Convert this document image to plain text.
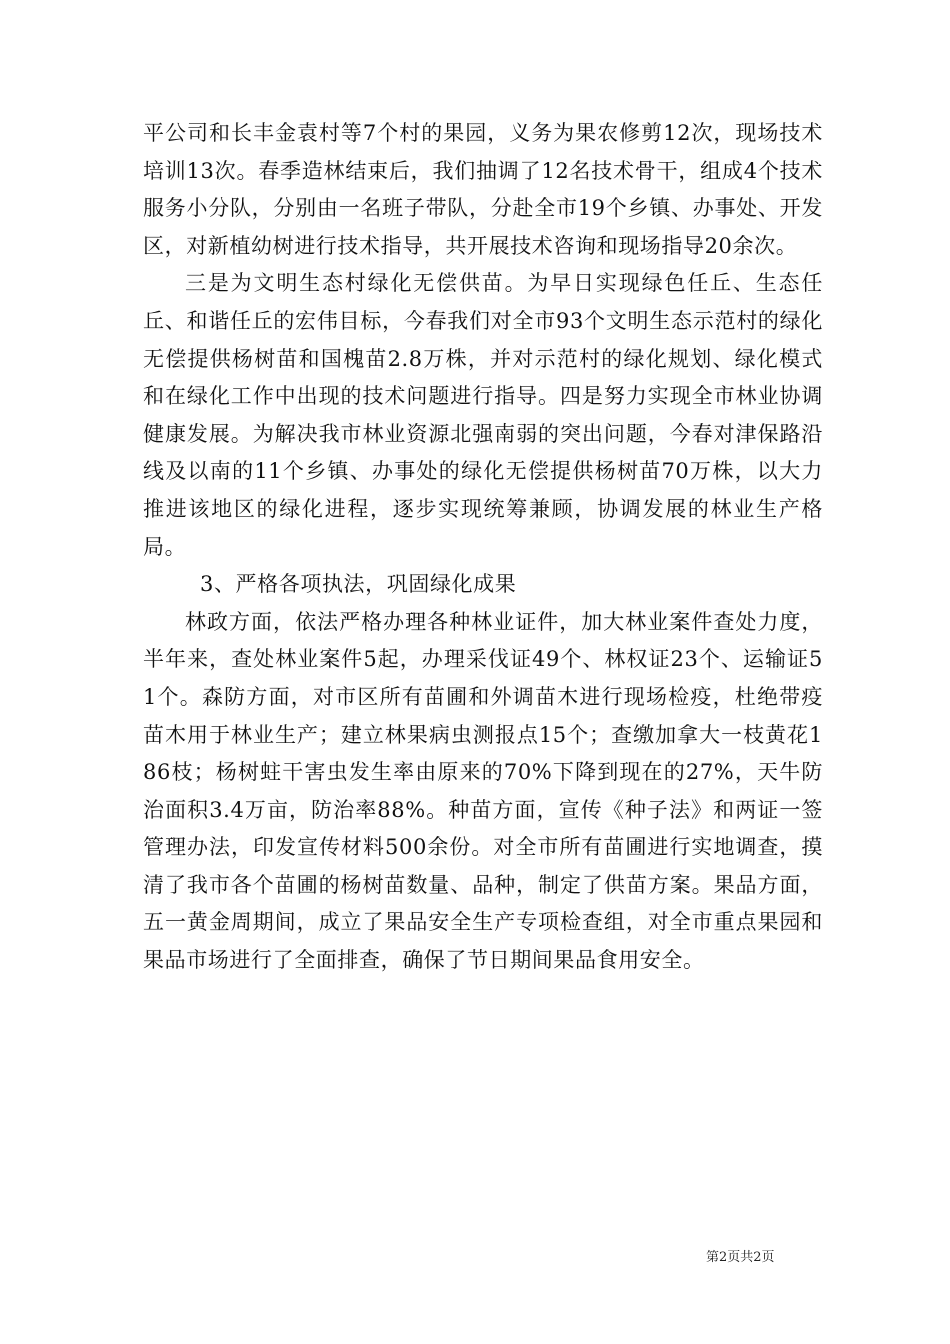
平公司和长丰金袁村等7个村的果园，义务为果农修剪12次，现场技术培训13次。春季造林结束后，我们抽调了12名技术骨干，组成4个技术服务小分队，分别由一名班子带队，分赴全市19个乡镇、办事处、开发区，对新植幼树进行技术指导，共开展技术咨询和现场指导20余次。

三是为文明生态村绿化无偿供苗。为早日实现绿色任丘、生态任丘、和谐任丘的宏伟目标，今春我们对全市93个文明生态示范村的绿化无偿提供杨树苗和国槐苗2.8万株，并对示范村的绿化规划、绿化模式和在绿化工作中出现的技术问题进行指导。四是努力实现全市林业协调健康发展。为解决我市林业资源北强南弱的突出问题，今春对津保路沿线及以南的11个乡镇、办事处的绿化无偿提供杨树苗70万株，以大力推进该地区的绿化进程，逐步实现统筹兼顾，协调发展的林业生产格局。

3、严格各项执法，巩固绿化成果

林政方面，依法严格办理各种林业证件，加大林业案件查处力度，半年来，查处林业案件5起，办理采伐证49个、林权证23个、运输证51个。森防方面，对市区所有苗圃和外调苗木进行现场检疫，杜绝带疫苗木用于林业生产；建立林果病虫测报点15个；查缴加拿大一枝黄花186枝；杨树蛀干害虫发生率由原来的70%下降到现在的27%，天牛防治面积3.4万亩，防治率88%。种苗方面，宣传《种子法》和两证一签管理办法，印发宣传材料500余份。对全市所有苗圃进行实地调查，摸清了我市各个苗圃的杨树苗数量、品种，制定了供苗方案。果品方面，五一黄金周期间，成立了果品安全生产专项检查组，对全市重点果园和果品市场进行了全面排查，确保了节日期间果品食用安全。

第2页共2页
